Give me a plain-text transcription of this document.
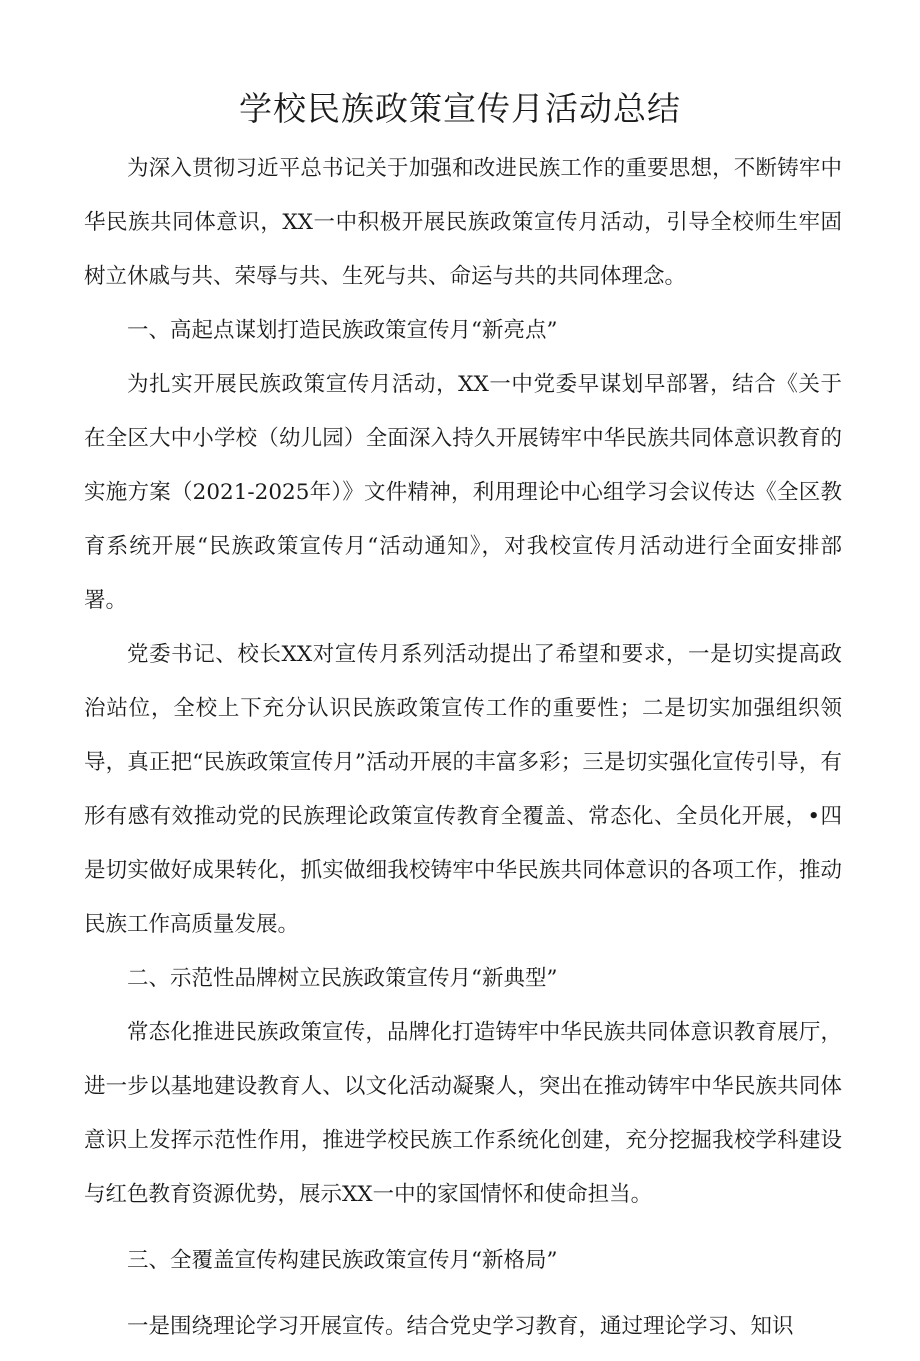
学校民族政策宣传月活动总结

为深入贯彻习近平总书记关于加强和改进民族工作的重要思想，不断铸牢中华民族共同体意识，XX一中积极开展民族政策宣传月活动，引导全校师生牢固树立休戚与共、荣辱与共、生死与共、命运与共的共同体理念。

一、高起点谋划打造民族政策宣传月“新亮点”

为扎实开展民族政策宣传月活动，XX一中党委早谋划早部署，结合《关于在全区大中小学校（幼儿园）全面深入持久开展铸牢中华民族共同体意识教育的实施方案（2021-2025年）》文件精神，利用理论中心组学习会议传达《全区教育系统开展“民族政策宣传月“活动通知》，对我校宣传月活动进行全面安排部署。

党委书记、校长XX对宣传月系列活动提出了希望和要求，一是切实提高政治站位，全校上下充分认识民族政策宣传工作的重要性；二是切实加强组织领导，真正把“民族政策宣传月”活动开展的丰富多彩；三是切实强化宣传引导，有形有感有效推动党的民族理论政策宣传教育全覆盖、常态化、全员化开展，•四是切实做好成果转化，抓实做细我校铸牢中华民族共同体意识的各项工作，推动民族工作高质量发展。

二、示范性品牌树立民族政策宣传月“新典型”

常态化推进民族政策宣传，品牌化打造铸牢中华民族共同体意识教育展厅，进一步以基地建设教育人、以文化活动凝聚人，突出在推动铸牢中华民族共同体意识上发挥示范性作用，推进学校民族工作系统化创建，充分挖掘我校学科建设与红色教育资源优势，展示XX一中的家国情怀和使命担当。

三、全覆盖宣传构建民族政策宣传月“新格局”

一是围绕理论学习开展宣传。结合党史学习教育，通过理论学习、知识
